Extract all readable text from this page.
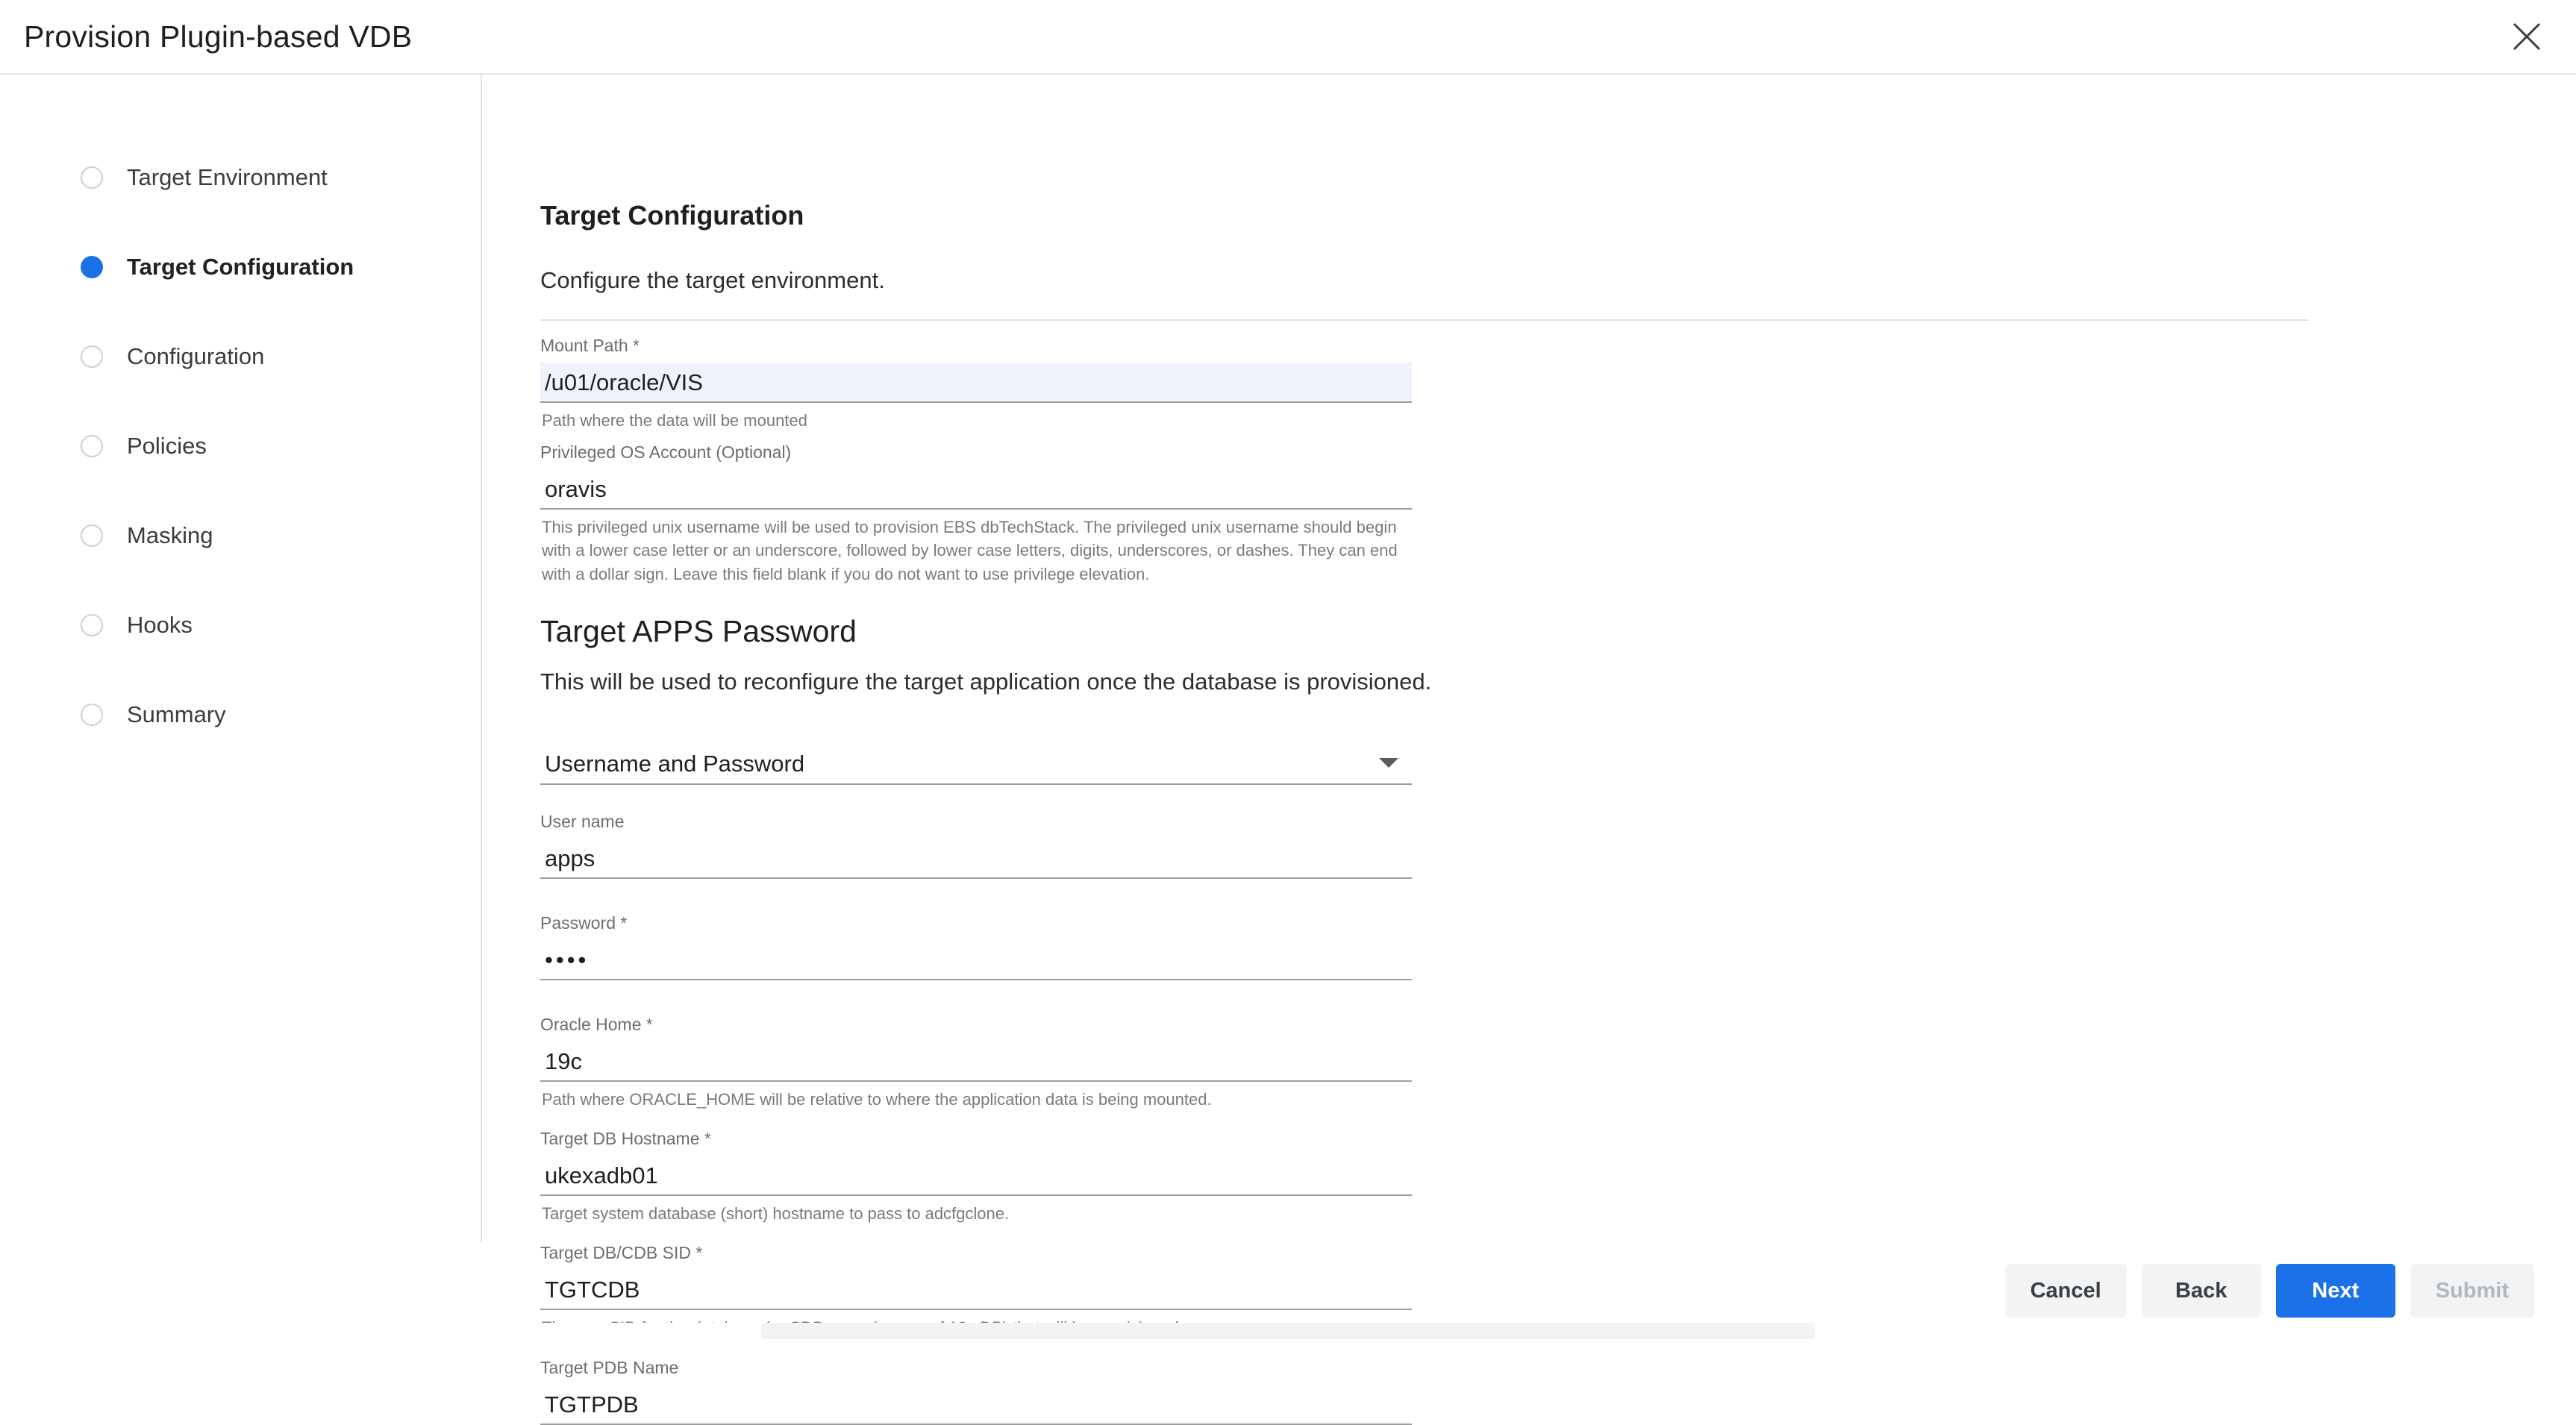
Provision Plugin-based VDB
Target Environment
Target Configuration
Configuration
Policies
Masking
Hooks
Summary
Target Configuration
Configure the target environment.
Mount Path *
/u01/oracle/VIS
Path where the data will be mounted
Privileged OS Account (Optional)
oravis
This privileged unix username will be used to provision EBS dbTechStack. The privileged unix username should begin with a lower case letter or an underscore, followed by lower case letters, digits, underscores, or dashes. They can end with a dollar sign. Leave this field blank if you do not want to use privilege elevation.
Target APPS Password
This will be used to reconfigure the target application once the database is provisioned.
Username and Password
User name
apps
Password *
••••
Oracle Home *
19c
Path where ORACLE_HOME will be relative to where the application data is being mounted.
Target DB Hostname *
ukexadb01
Target system database (short) hostname to pass to adcfgclone.
Target DB/CDB SID *
TGTCDB
Target PDB Name
TGTPDB
Cancel	Back	Next	Submit
